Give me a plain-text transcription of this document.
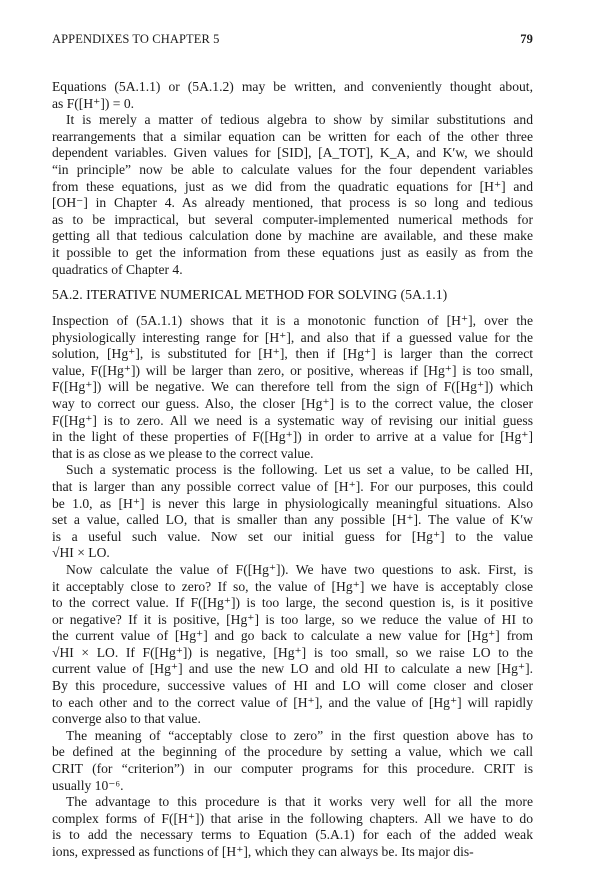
APPENDIXES TO CHAPTER 5	79
Equations (5A.1.1) or (5A.1.2) may be written, and conveniently thought about,
as F([H⁺]) = 0.
It is merely a matter of tedious algebra to show by similar substitutions and
rearrangements that a similar equation can be written for each of the other three
dependent variables. Given values for [SID], [A_TOT], K_A, and K′w, we should
“in principle” now be able to calculate values for the four dependent variables
from these equations, just as we did from the quadratic equations for [H⁺] and
[OH⁻] in Chapter 4. As already mentioned, that process is so long and tedious
as to be impractical, but several computer-implemented numerical methods for
getting all that tedious calculation done by machine are available, and these make
it possible to get the information from these equations just as easily as from the
quadratics of Chapter 4.
5A.2. ITERATIVE NUMERICAL METHOD FOR SOLVING (5A.1.1)
Inspection of (5A.1.1) shows that it is a monotonic function of [H⁺], over the
physiologically interesting range for [H⁺], and also that if a guessed value for the
solution, [Hg⁺], is substituted for [H⁺], then if [Hg⁺] is larger than the correct
value, F([Hg⁺]) will be larger than zero, or positive, whereas if [Hg⁺] is too small,
F([Hg⁺]) will be negative. We can therefore tell from the sign of F([Hg⁺]) which
way to correct our guess. Also, the closer [Hg⁺] is to the correct value, the closer
F([Hg⁺] is to zero. All we need is a systematic way of revising our initial guess
in the light of these properties of F([Hg⁺]) in order to arrive at a value for [Hg⁺]
that is as close as we please to the correct value.
Such a systematic process is the following. Let us set a value, to be called HI,
that is larger than any possible correct value of [H⁺]. For our purposes, this could
be 1.0, as [H⁺] is never this large in physiologically meaningful situations. Also
set a value, called LO, that is smaller than any possible [H⁺]. The value of K′w
is a useful such value. Now set our initial guess for [Hg⁺] to the value
√HI × LO.
Now calculate the value of F([Hg⁺]). We have two questions to ask. First, is
it acceptably close to zero? If so, the value of [Hg⁺] we have is acceptably close
to the correct value. If F([Hg⁺]) is too large, the second question is, is it positive
or negative? If it is positive, [Hg⁺] is too large, so we reduce the value of HI to
the current value of [Hg⁺] and go back to calculate a new value for [Hg⁺] from
√HI × LO. If F([Hg⁺]) is negative, [Hg⁺] is too small, so we raise LO to the
current value of [Hg⁺] and use the new LO and old HI to calculate a new [Hg⁺].
By this procedure, successive values of HI and LO will come closer and closer
to each other and to the correct value of [H⁺], and the value of [Hg⁺] will rapidly
converge also to that value.
The meaning of “acceptably close to zero” in the first question above has to
be defined at the beginning of the procedure by setting a value, which we call
CRIT (for “criterion”) in our computer programs for this procedure. CRIT is
usually 10⁻⁶.
The advantage to this procedure is that it works very well for all the more
complex forms of F([H⁺]) that arise in the following chapters. All we have to do
is to add the necessary terms to Equation (5.A.1) for each of the added weak
ions, expressed as functions of [H⁺], which they can always be. Its major dis-
